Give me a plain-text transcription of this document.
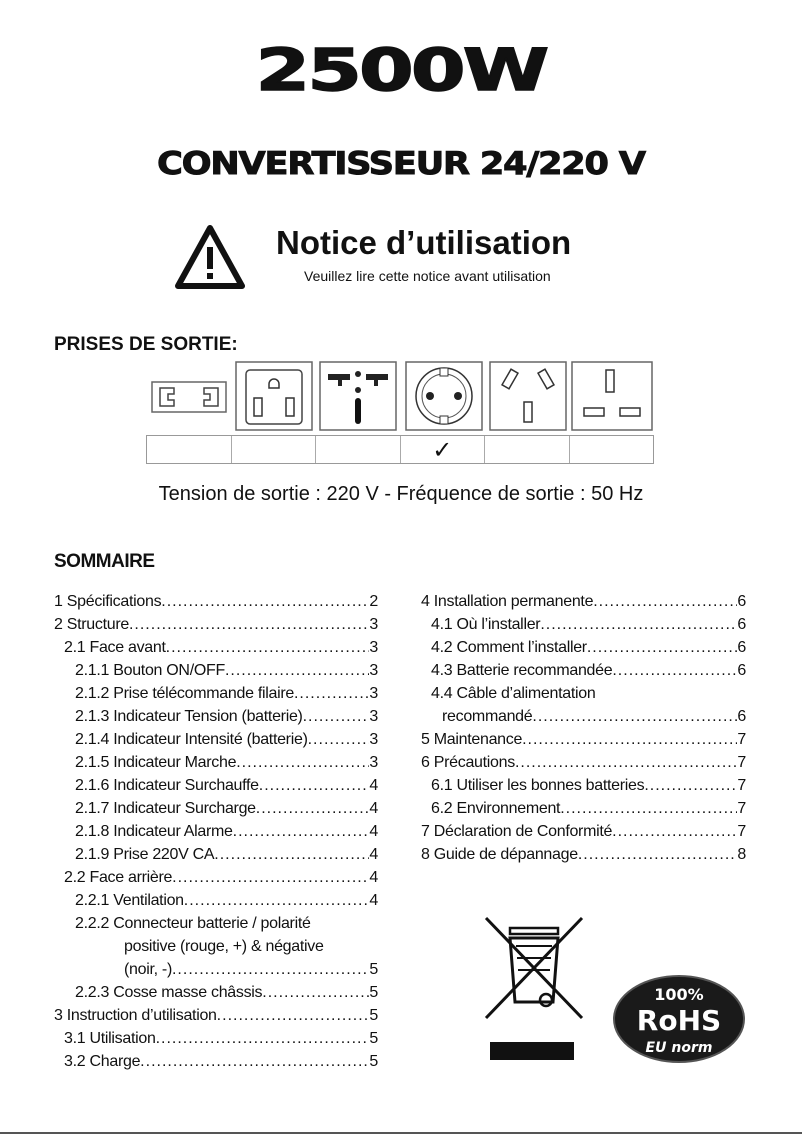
2500W
CONVERTISSEUR 24/220 V
Notice d’utilisation
Veuillez lire cette notice avant utilisation
PRISES DE SORTIE:
✓
Tension de sortie : 220 V - Fréquence de sortie : 50 Hz
SOMMAIRE
1 Spécifications .....	2
2 Structure .....	3
2.1 Face avant .....	3
2.1.1 Bouton ON/OFF .....	3
2.1.2 Prise télécommande filaire .....	3
2.1.3 Indicateur Tension (batterie) .....	3
2.1.4 Indicateur Intensité (batterie) .....	3
2.1.5 Indicateur Marche .....	3
2.1.6 Indicateur Surchauffe .....	4
2.1.7 Indicateur Surcharge .....	4
2.1.8 Indicateur Alarme .....	4
2.1.9 Prise 220V CA .....	4
2.2 Face arrière .....	4
2.2.1 Ventilation .....	4
2.2.2 Connecteur batterie / polarité
positive (rouge, +) & négative
(noir, -) .....	5
2.2.3 Cosse masse châssis .....	5
3 Instruction d’utilisation .....	5
3.1 Utilisation .....	5
3.2 Charge .....	5
4 Installation permanente .....	6
4.1 Où l’installer .....	6
4.2 Comment l’installer .....	6
4.3 Batterie recommandée .....	6
4.4 Câble d’alimentation
recommandé .....	6
5 Maintenance .....	7
6 Précautions .....	7
6.1 Utiliser les bonnes batteries .....	7
6.2 Environnement .....	7
7 Déclaration de Conformité .....	7
8 Guide de dépannage .....	8
100%
RoHS
EU norm
